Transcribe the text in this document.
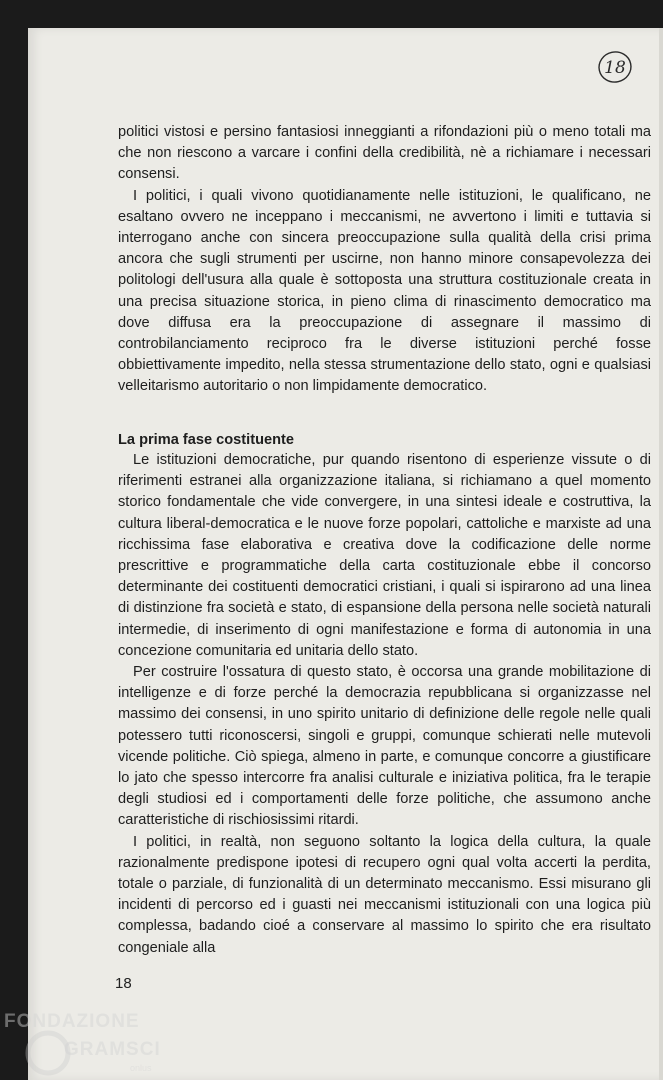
18

politici vistosi e persino fantasiosi inneggianti a rifondazioni più o meno totali ma che non riescono a varcare i confini della credibilità, nè a richiamare i necessari consensi.

I politici, i quali vivono quotidianamente nelle istituzioni, le qualificano, ne esaltano ovvero ne inceppano i meccanismi, ne avvertono i limiti e tuttavia si interrogano anche con sincera preoccupazione sulla qualità della crisi prima ancora che sugli strumenti per uscirne, non hanno minore consapevolezza dei politologi dell'usura alla quale è sottoposta una struttura costituzionale creata in una precisa situazione storica, in pieno clima di rinascimento democratico ma dove diffusa era la preoccupazione di assegnare il massimo di controbilanciamento reciproco fra le diverse istituzioni perché fosse obbiettivamente impedito, nella stessa strumentazione dello stato, ogni e qualsiasi velleitarismo autoritario o non limpidamente democratico.

La prima fase costituente

Le istituzioni democratiche, pur quando risentono di esperienze vissute o di riferimenti estranei alla organizzazione italiana, si richiamano a quel momento storico fondamentale che vide convergere, in una sintesi ideale e costruttiva, la cultura liberal-democratica e le nuove forze popolari, cattoliche e marxiste ad una ricchissima fase elaborativa e creativa dove la codificazione delle norme prescrittive e programmatiche della carta costituzionale ebbe il concorso determinante dei costituenti democratici cristiani, i quali si ispirarono ad una linea di distinzione fra società e stato, di espansione della persona nelle società naturali intermedie, di inserimento di ogni manifestazione e forma di autonomia in una concezione comunitaria ed unitaria dello stato.

Per costruire l'ossatura di questo stato, è occorsa una grande mobilitazione di intelligenze e di forze perché la democrazia repubblicana si organizzasse nel massimo dei consensi, in uno spirito unitario di definizione delle regole nelle quali potessero tutti riconoscersi, singoli e gruppi, comunque schierati nelle mutevoli vicende politiche. Ciò spiega, almeno in parte, e comunque concorre a giustificare lo jato che spesso intercorre fra analisi culturale e iniziativa politica, fra le terapie degli studiosi ed i comportamenti delle forze politiche, che assumono anche caratteristiche di rischiosissimi ritardi.

I politici, in realtà, non seguono soltanto la logica della cultura, la quale razionalmente predispone ipotesi di recupero ogni qual volta accerti la perdita, totale o parziale, di funzionalità di un determinato meccanismo. Essi misurano gli incidenti di percorso ed i guasti nei meccanismi istituzionali con una logica più complessa, badando cioé a conservare al massimo lo spirito che era risultato congeniale alla

18
FONDAZIONE
GRAMSCI
onlus
